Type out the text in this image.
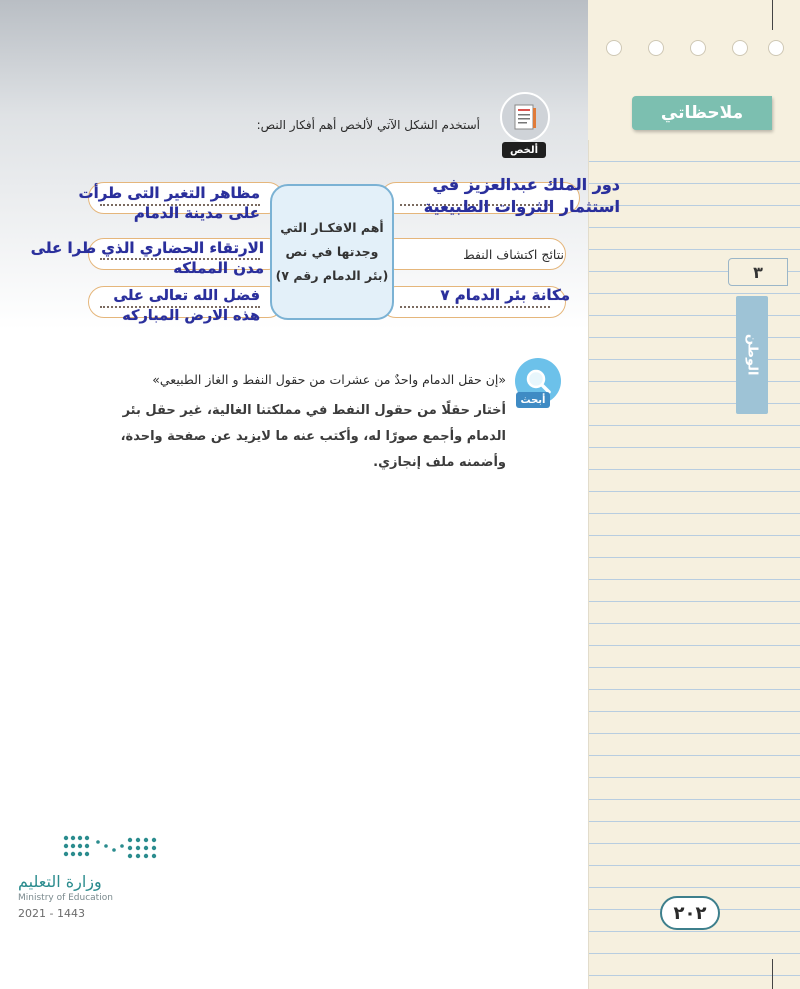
ملاحظاتي
٣
الوطن
٢٠٢
ألخص
أستخدم الشكل الآتي لألخص أهم أفكار النص:
أهم الافكـار التي وجدتها في نص (بئر الدمام رقم ٧)
نتائج اكتشاف النفط
دور الملك عبدالعزيز في استثمار الثروات الطبيعية
مكانة بئر الدمام ٧
مظاهر التغير التى طرأت على مدينة الدمام
الارتقاء الحضاري الذي طرا على مدن المملكه
فضل الله تعالى على هذه الارض المباركه
أبحث
«إن حقل الدمام واحدٌ من عشرات من حقول النفط و الغاز الطبيعي»
أختار حقلًا من حقول النفط في مملكتنا الغالية، غير حقل بئر
الدمام وأجمع صورًا له، وأكتب عنه ما لايزيد عن صفحة واحدة،
وأضمنه ملف إنجازي.
وزارة التعليم
Ministry of Education
2021 - 1443
